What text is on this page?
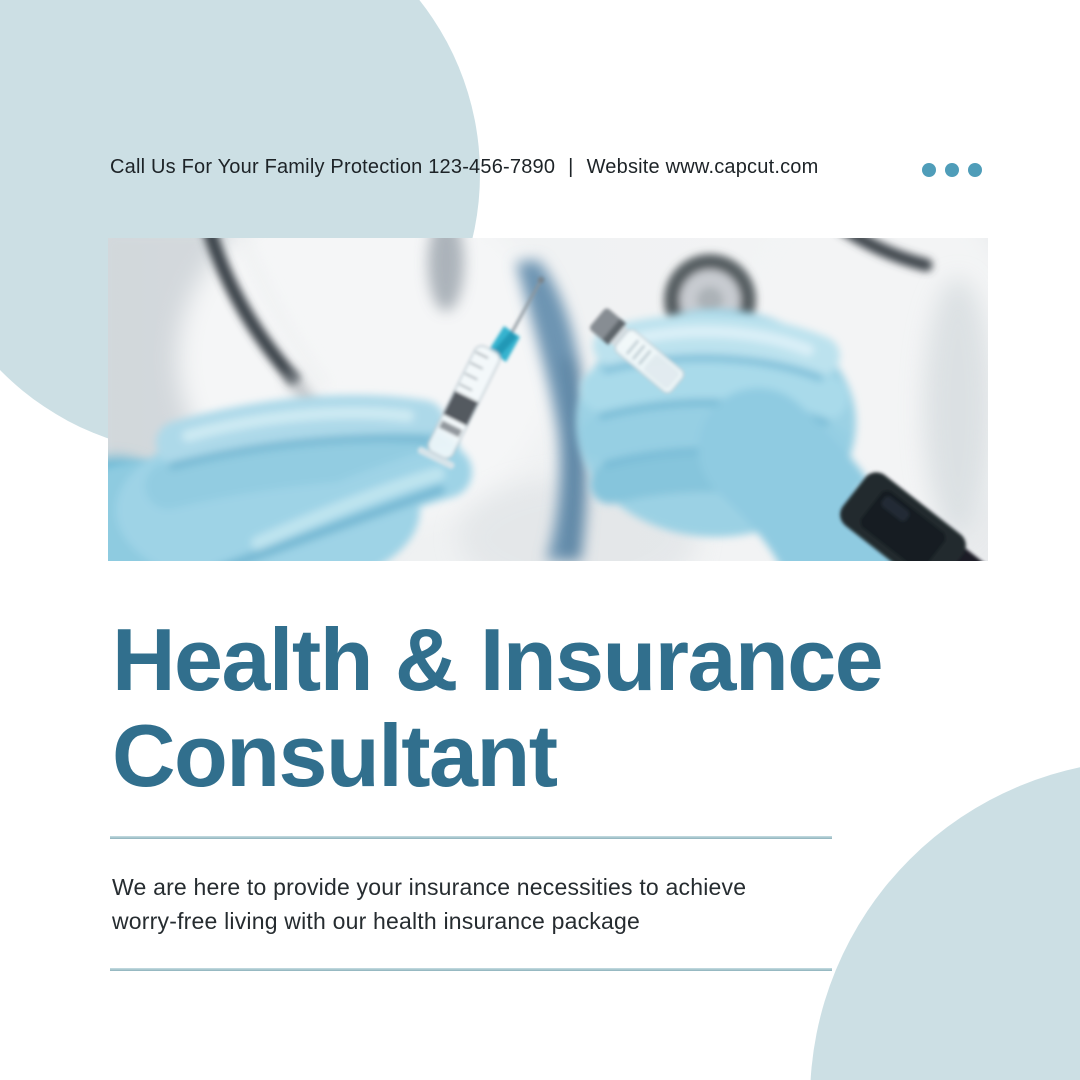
Call Us For Your Family Protection 123-456-7890 | Website www.capcut.com
Health & Insurance
Consultant

We are here to provide your insurance necessities to achieve worry-free living with our health insurance package
